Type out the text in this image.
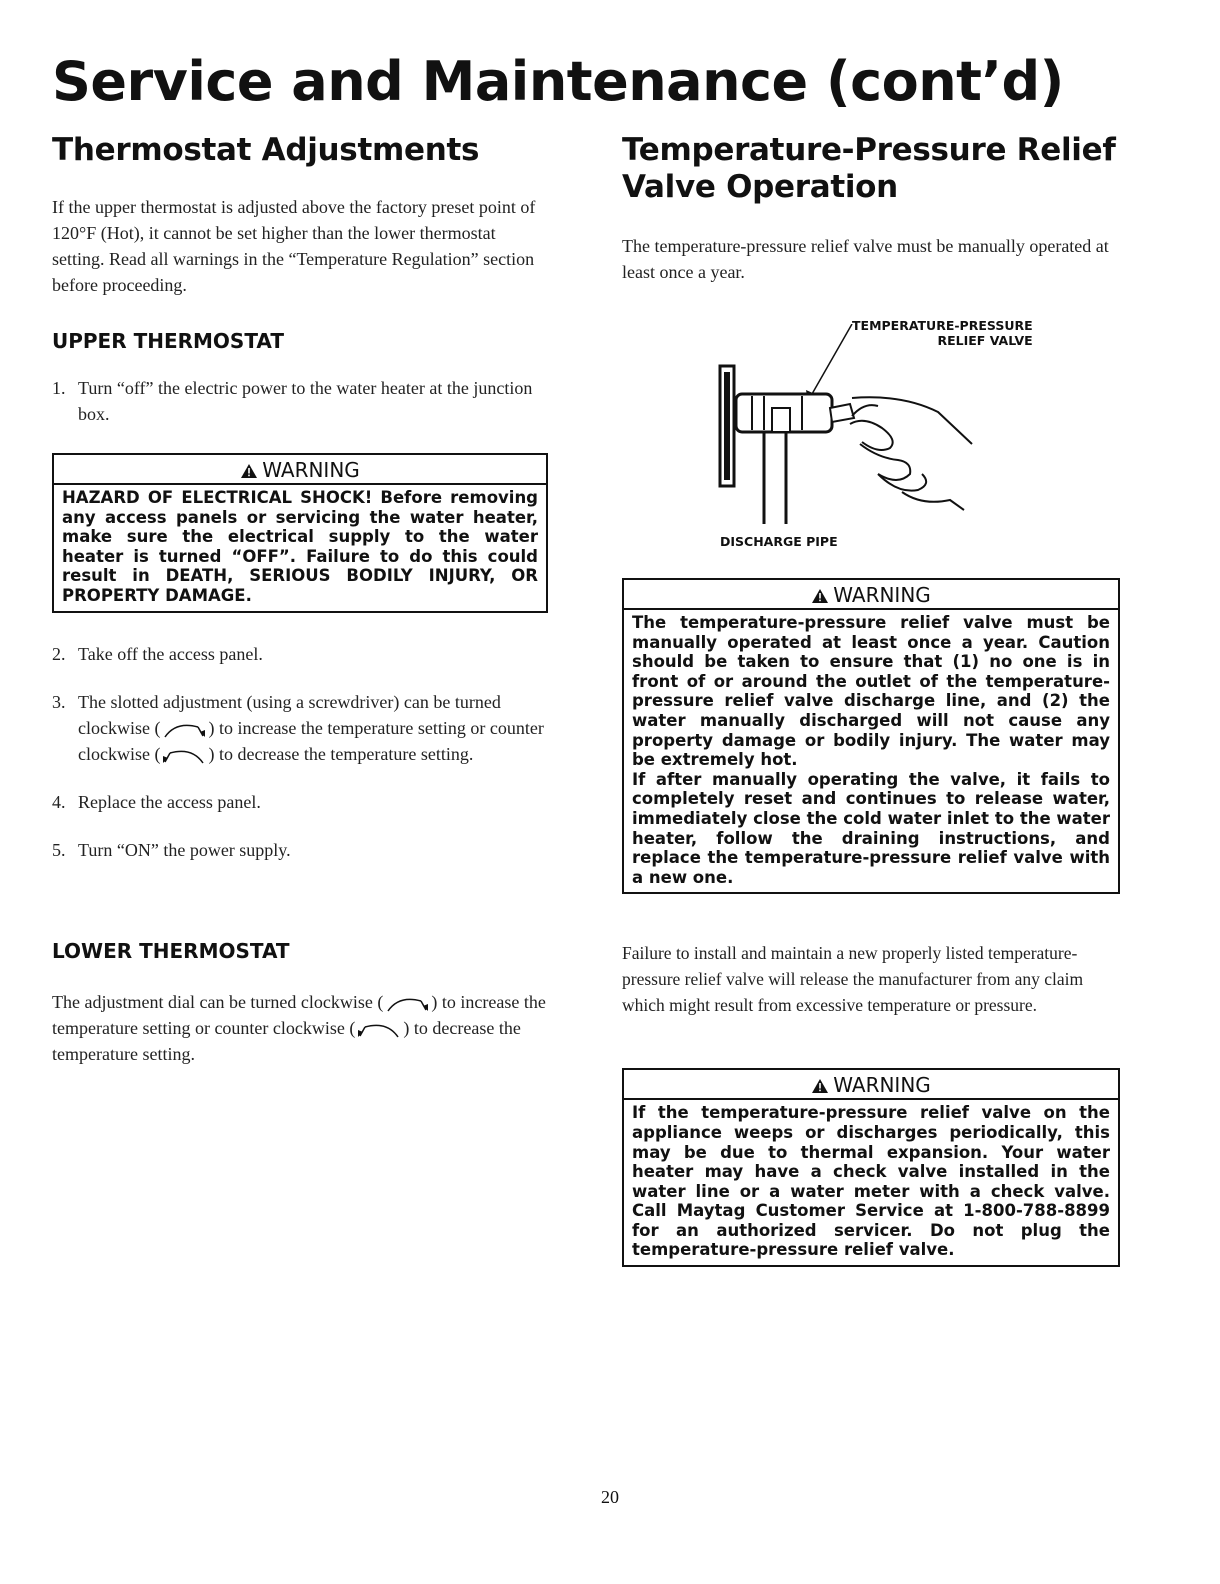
Service and Maintenance (cont’d)
Thermostat Adjustments

If the upper thermostat is adjusted above the factory preset point of 120°F (Hot), it cannot be set higher than the lower thermostat setting. Read all warnings in the “Temperature Regulation” section before proceeding.

UPPER THERMOSTAT
1. Turn “off” the electric power to the water heater at the junction box.
WARNING

HAZARD OF ELECTRICAL SHOCK! Before removing any access panels or servicing the water heater, make sure the electrical supply to the water heater is turned “OFF”. Failure to do this could result in DEATH, SERIOUS BODILY INJURY, OR PROPERTY DAMAGE.

2. Take off the access panel.
3. The slotted adjustment (using a screwdriver) can be turned clockwise (	) to increase the temperature setting or counter clockwise (	) to decrease the temperature setting.
4. Replace the access panel.
5. Turn “ON” the power supply.
LOWER THERMOSTAT

The adjustment dial can be turned clockwise (	) to increase the temperature setting or counter clockwise (	) to decrease the temperature setting.

Temperature-Pressure Relief
Valve Operation

The temperature-pressure relief valve must be manually operated at least once a year.

TEMPERATURE-PRESSURE
RELIEF VALVE
DISCHARGE PIPE
WARNING

The temperature-pressure relief valve must be manually operated at least once a year. Caution should be taken to ensure that (1) no one is in front of or around the outlet of the temperature-pressure relief valve discharge line, and (2) the water manually discharged will not cause any property damage or bodily injury. The water may be extremely hot.

If after manually operating the valve, it fails to completely reset and continues to release water, immediately close the cold water inlet to the water heater, follow the draining instructions, and replace the temperature-pressure relief valve with a new one.

Failure to install and maintain a new properly listed temperature-pressure relief valve will release the manufacturer from any claim which might result from excessive temperature or pressure.

WARNING

If the temperature-pressure relief valve on the appliance weeps or discharges periodically, this may be due to thermal expansion. Your water heater may have a check valve installed in the water line or a water meter with a check valve. Call Maytag Customer Service at 1-800-788-8899 for an authorized servicer. Do not plug the temperature-pressure relief valve.

20
